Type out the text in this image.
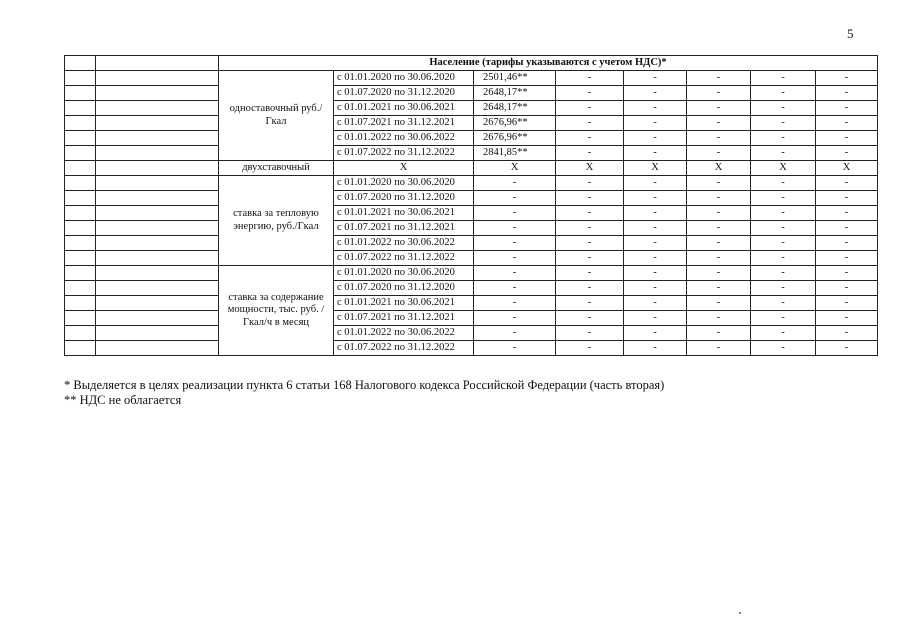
5
		Население (тарифы указываются с учетом НДС)*							
		одноставочный руб./Гкал	с 01.01.2020 по 30.06.2020	2501,46**	-	-	-	-	-
			с 01.07.2020 по 31.12.2020	2648,17**	-	-	-	-	-
			с 01.01.2021 по 30.06.2021	2648,17**	-	-	-	-	-
			с 01.07.2021 по 31.12.2021	2676,96**	-	-	-	-	-
			с 01.01.2022 по 30.06.2022	2676,96**	-	-	-	-	-
			с 01.07.2022 по 31.12.2022	2841,85**	-	-	-	-	-
		двухставочный	X	X	X	X	X	X	X
		ставка за тепловую энергию, руб./Гкал	с 01.01.2020 по 30.06.2020	-	-	-	-	-	-
			с 01.07.2020 по 31.12.2020	-	-	-	-	-	-
			с 01.01.2021 по 30.06.2021	-	-	-	-	-	-
			с 01.07.2021 по 31.12.2021	-	-	-	-	-	-
			с 01.01.2022 по 30.06.2022	-	-	-	-	-	-
			с 01.07.2022 по 31.12.2022	-	-	-	-	-	-
		ставка за содержание мощности, тыс. руб. /Гкал/ч в месяц	с 01.01.2020 по 30.06.2020	-	-	-	-	-	-
			с 01.07.2020 по 31.12.2020	-	-	-	-	-	-
			с 01.01.2021 по 30.06.2021	-	-	-	-	-	-
			с 01.07.2021 по 31.12.2021	-	-	-	-	-	-
			с 01.01.2022 по 30.06.2022	-	-	-	-	-	-
			с 01.07.2022 по 31.12.2022	-	-	-	-	-	-
* Выделяется в целях реализации пункта 6 статьи 168 Налогового кодекса Российской Федерации (часть вторая)
** НДС не облагается
